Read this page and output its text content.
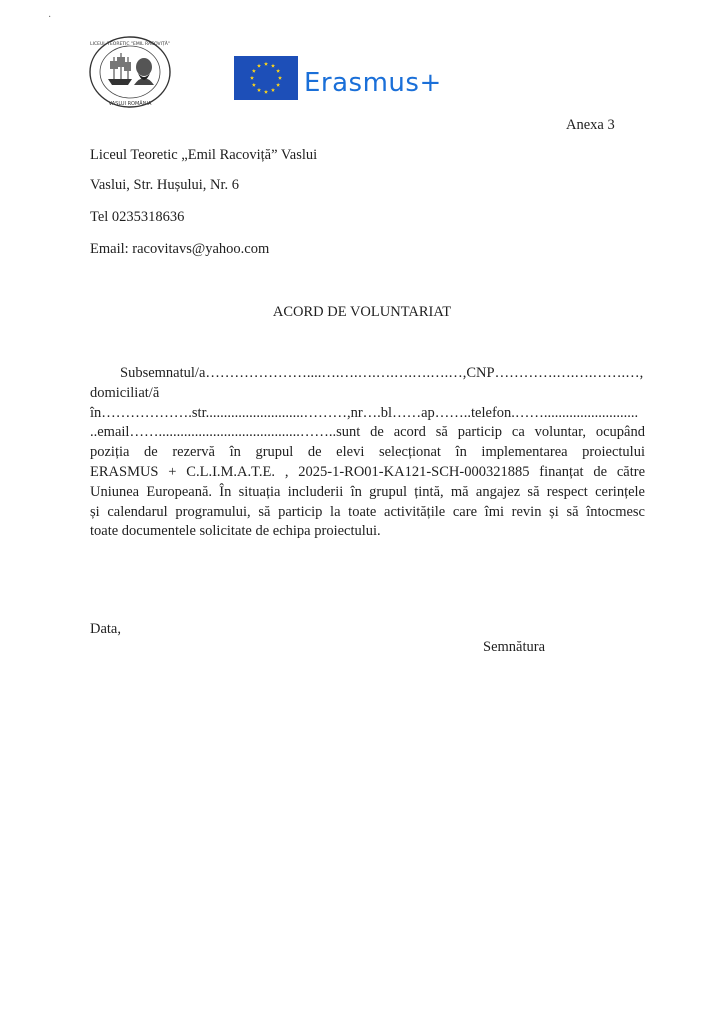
VASLUI ROMÂNIA
LICEUL TEORETIC "EMIL RACOVIȚĂ"
Erasmus+
·
Anexa 3
Liceul Teoretic „Emil Racoviță” Vaslui
Vaslui, Str. Hușului, Nr. 6
Tel 0235318636
Email: racovitavs@yahoo.com
ACORD DE VOLUNTARIAT
Subsemnatul/a…………………....….….….….….….….…,CNP………….….….…….…,
domiciliat/ă
în……………….str...........................………,nr….bl……ap……..telefon.……..........................
..email…….......................................……..sunt de acord să particip ca voluntar, ocupând
poziția de rezervă în grupul de elevi selecționat în implementarea proiectului
ERASMUS + C.L.I.M.A.T.E. , 2025-1-RO01-KA121-SCH-000321885 finanțat de către
Uniunea Europeană. În situația includerii în grupul țintă, mă angajez să respect cerințele
și calendarul programului, să particip la toate activitățile care îmi revin și să întocmesc
toate documentele solicitate de echipa proiectului.
Data,
Semnătura
